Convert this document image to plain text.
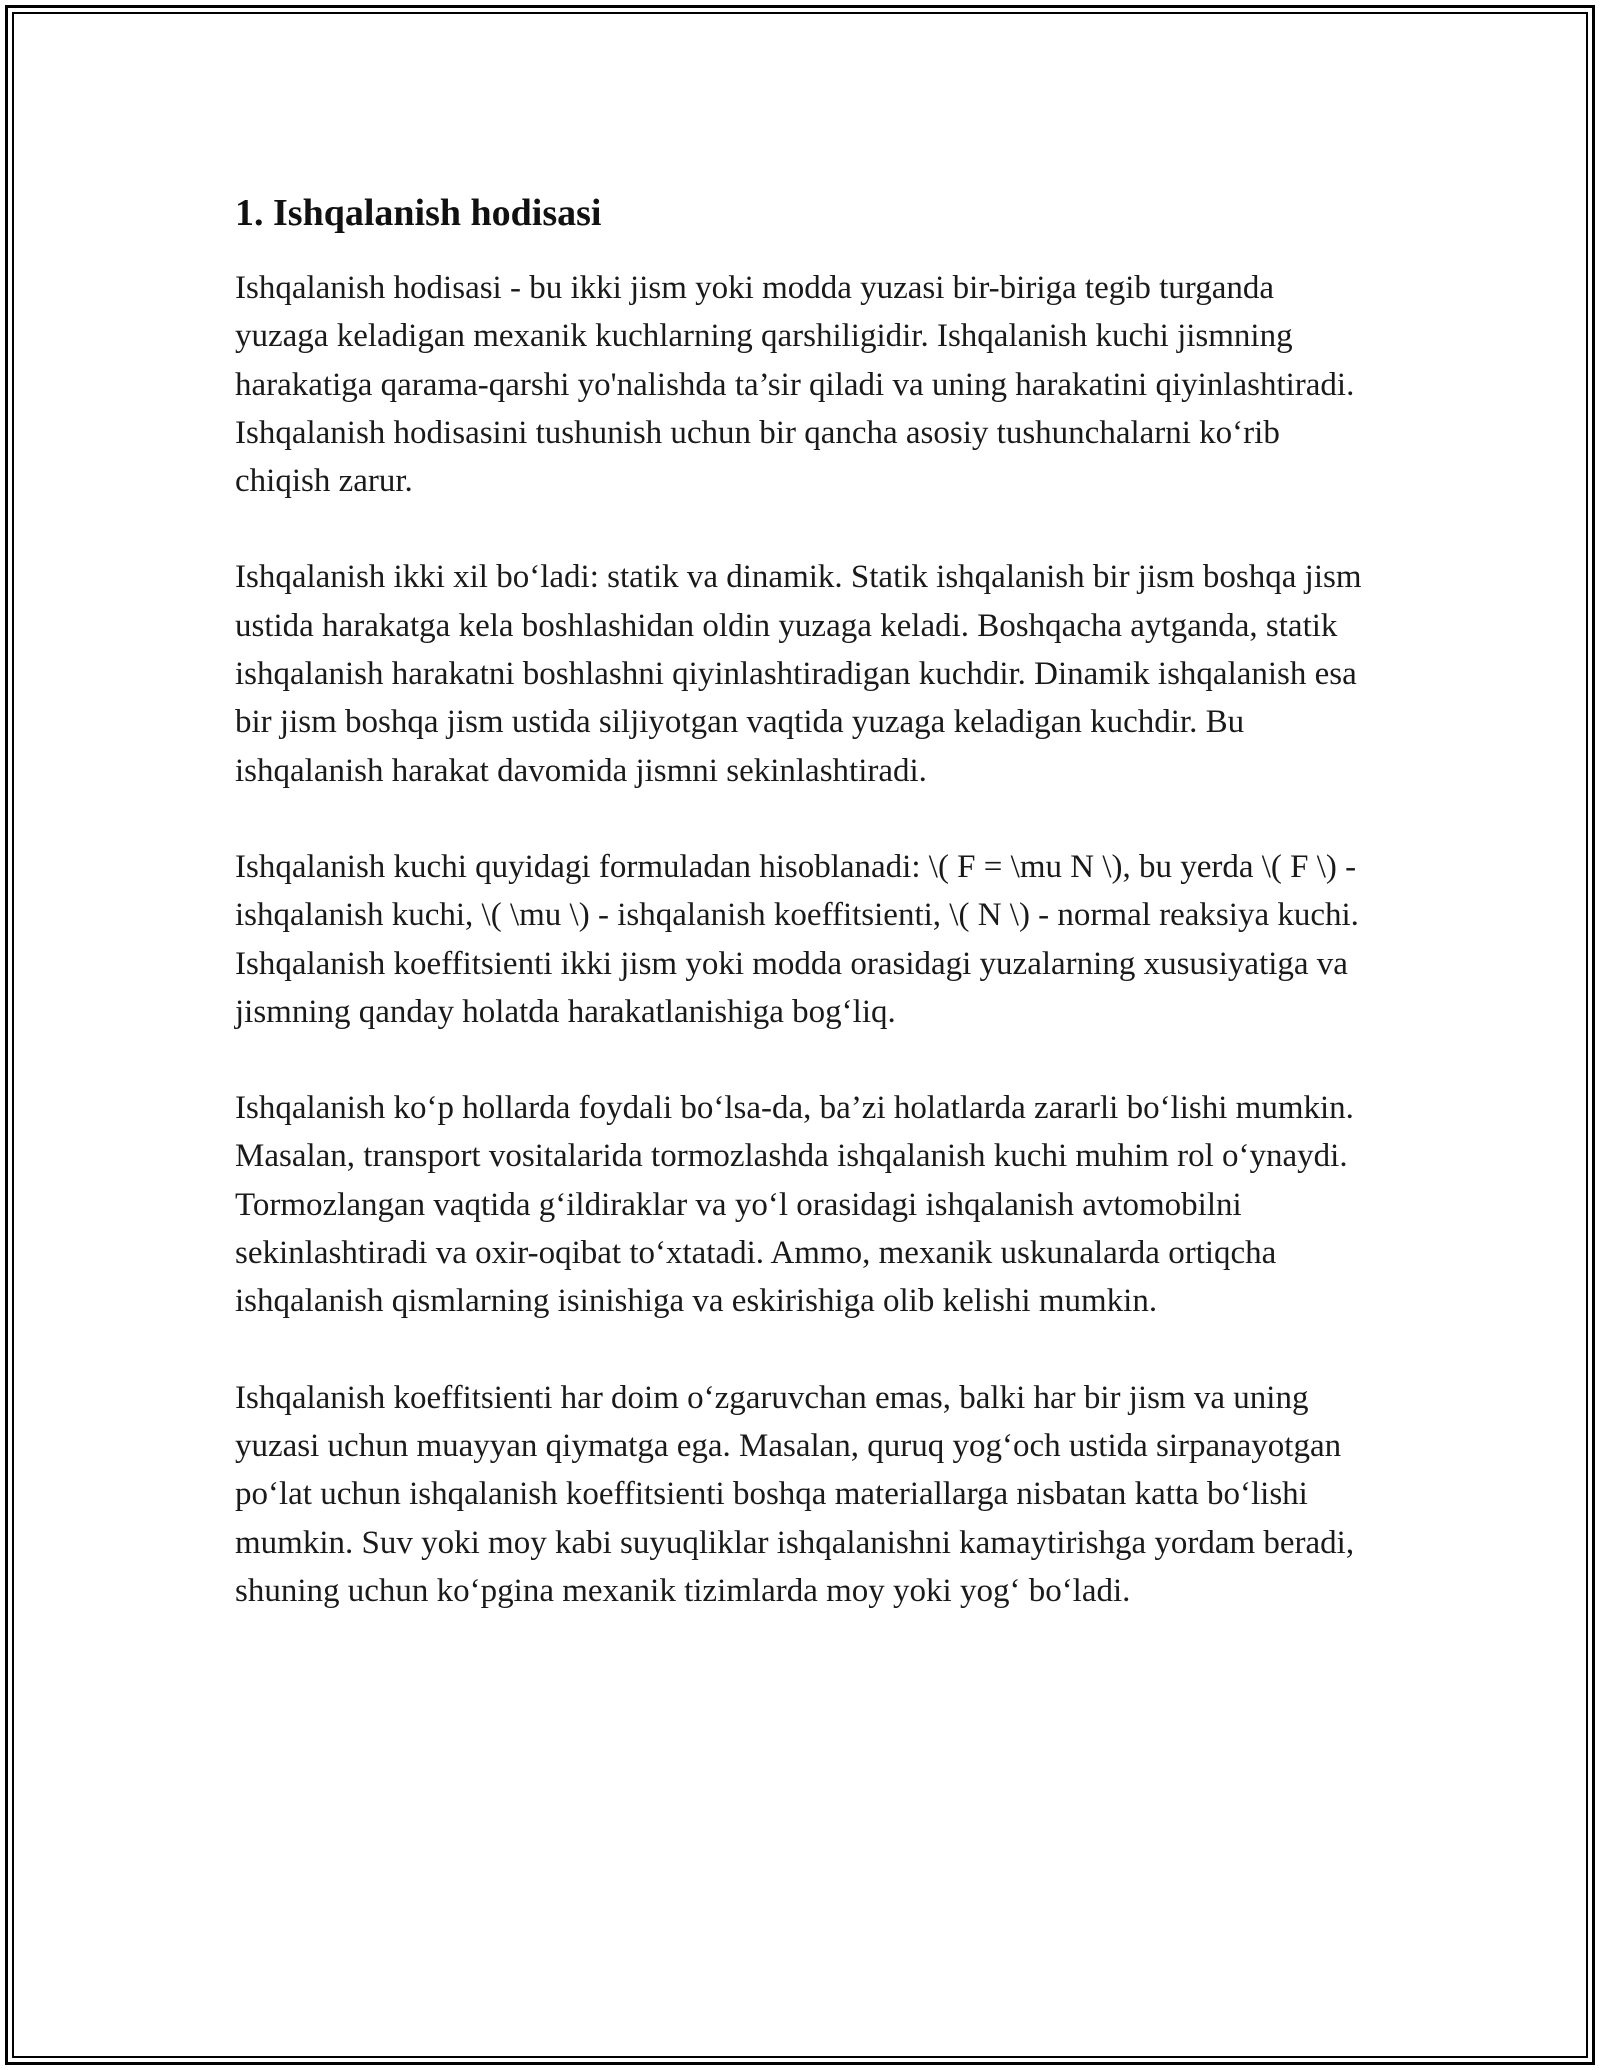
1. Ishqalanish hodisasi

Ishqalanish hodisasi - bu ikki jism yoki modda yuzasi bir-biriga tegib turganda yuzaga keladigan mexanik kuchlarning qarshiligidir. Ishqalanish kuchi jismning harakatiga qarama-qarshi yo'nalishda ta’sir qiladi va uning harakatini qiyinlashtiradi. Ishqalanish hodisasini tushunish uchun bir qancha asosiy tushunchalarni ko‘rib chiqish zarur.

Ishqalanish ikki xil bo‘ladi: statik va dinamik. Statik ishqalanish bir jism boshqa jism ustida harakatga kela boshlashidan oldin yuzaga keladi. Boshqacha aytganda, statik ishqalanish harakatni boshlashni qiyinlashtiradigan kuchdir. Dinamik ishqalanish esa bir jism boshqa jism ustida siljiyotgan vaqtida yuzaga keladigan kuchdir. Bu ishqalanish harakat davomida jismni sekinlashtiradi.

Ishqalanish kuchi quyidagi formuladan hisoblanadi: \( F = \mu N \), bu yerda \( F \) - ishqalanish kuchi, \( \mu \) - ishqalanish koeffitsienti, \( N \) - normal reaksiya kuchi. Ishqalanish koeffitsienti ikki jism yoki modda orasidagi yuzalarning xususiyatiga va jismning qanday holatda harakatlanishiga bog‘liq.

Ishqalanish ko‘p hollarda foydali bo‘lsa-da, ba’zi holatlarda zararli bo‘lishi mumkin. Masalan, transport vositalarida tormozlashda ishqalanish kuchi muhim rol o‘ynaydi. Tormozlangan vaqtida g‘ildiraklar va yo‘l orasidagi ishqalanish avtomobilni sekinlashtiradi va oxir-oqibat to‘xtatadi. Ammo, mexanik uskunalarda ortiqcha ishqalanish qismlarning isinishiga va eskirishiga olib kelishi mumkin.

Ishqalanish koeffitsienti har doim o‘zgaruvchan emas, balki har bir jism va uning yuzasi uchun muayyan qiymatga ega. Masalan, quruq yog‘och ustida sirpanayotgan po‘lat uchun ishqalanish koeffitsienti boshqa materiallarga nisbatan katta bo‘lishi mumkin. Suv yoki moy kabi suyuqliklar ishqalanishni kamaytirishga yordam beradi, shuning uchun ko‘pgina mexanik tizimlarda moy yoki yog‘ bo‘ladi.
